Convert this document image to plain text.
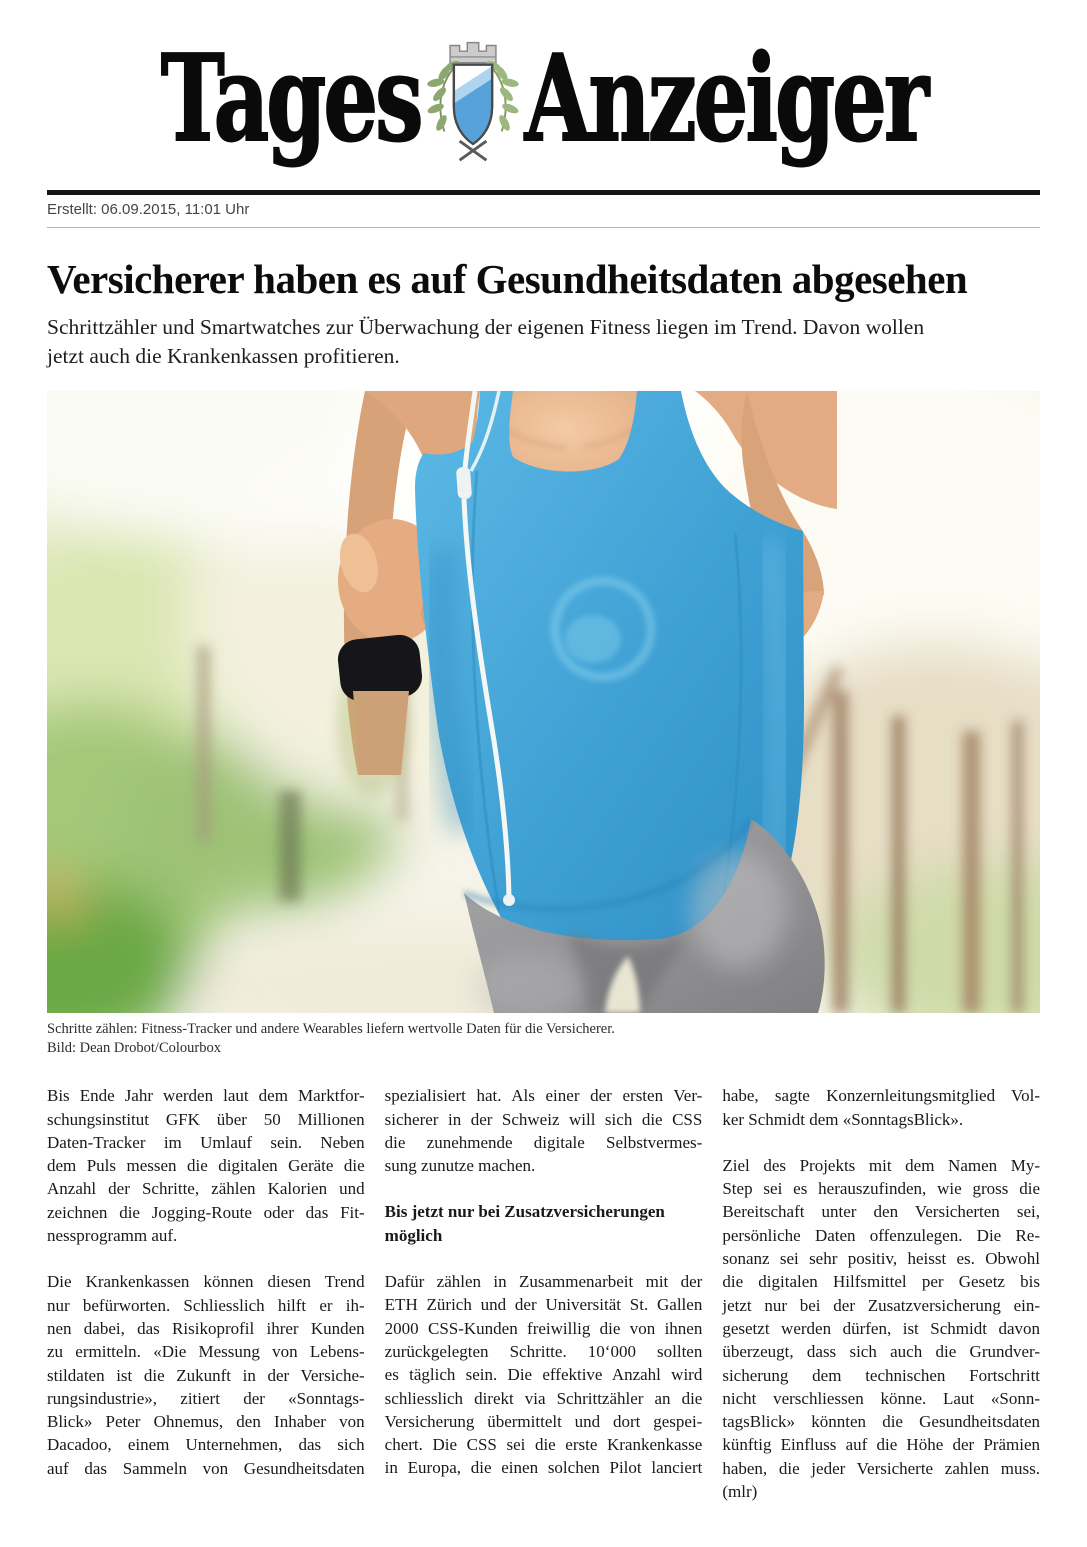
Tages Anzeiger
Erstellt: 06.09.2015, 11:01 Uhr
Versicherer haben es auf Gesundheitsdaten abgesehen
Schrittzähler und Smartwatches zur Überwachung der eigenen Fitness liegen im Trend. Davon wollen
jetzt auch die Krankenkassen profitieren.
Schritte zählen: Fitness-Tracker und andere Wearables liefern wertvolle Daten für die Versicherer.
Bild: Dean Drobot/Colourbox
Bis Ende Jahr werden laut dem Marktfor-
schungsinstitut GFK über 50 Millionen
Daten-Tracker im Umlauf sein. Neben
dem Puls messen die digitalen Geräte die
Anzahl der Schritte, zählen Kalorien und
zeichnen die Jogging-Route oder das Fit-
nessprogramm auf.
Die Krankenkassen können diesen Trend
nur befürworten. Schliesslich hilft er ih-
nen dabei, das Risikoprofil ihrer Kunden
zu ermitteln. «Die Messung von Lebens-
stildaten ist die Zukunft in der Versiche-
rungsindustrie», zitiert der «Sonntags-
Blick» Peter Ohnemus, den Inhaber von
Dacadoo, einem Unternehmen, das sich
auf das Sammeln von Gesundheitsdaten
spezialisiert hat. Als einer der ersten Ver-
sicherer in der Schweiz will sich die CSS
die zunehmende digitale Selbstvermes-
sung zunutze machen.
Bis jetzt nur bei Zusatzversicherungen
möglich
Dafür zählen in Zusammenarbeit mit der
ETH Zürich und der Universität St. Gallen
2000 CSS-Kunden freiwillig die von ihnen
zurückgelegten Schritte. 10‘000 sollten
es täglich sein. Die effektive Anzahl wird
schliesslich direkt via Schrittzähler an die
Versicherung übermittelt und dort gespei-
chert. Die CSS sei die erste Krankenkasse
in Europa, die einen solchen Pilot lanciert
habe, sagte Konzernleitungsmitglied Vol-
ker Schmidt dem «SonntagsBlick».
Ziel des Projekts mit dem Namen My-
Step sei es herauszufinden, wie gross die
Bereitschaft unter den Versicherten sei,
persönliche Daten offenzulegen. Die Re-
sonanz sei sehr positiv, heisst es. Obwohl
die digitalen Hilfsmittel per Gesetz bis
jetzt nur bei der Zusatzversicherung ein-
gesetzt werden dürfen, ist Schmidt davon
überzeugt, dass sich auch die Grundver-
sicherung dem technischen Fortschritt
nicht verschliessen könne. Laut «Sonn-
tagsBlick» könnten die Gesundheitsdaten
künftig Einfluss auf die Höhe der Prämien
haben, die jeder Versicherte zahlen muss.
(mlr)
